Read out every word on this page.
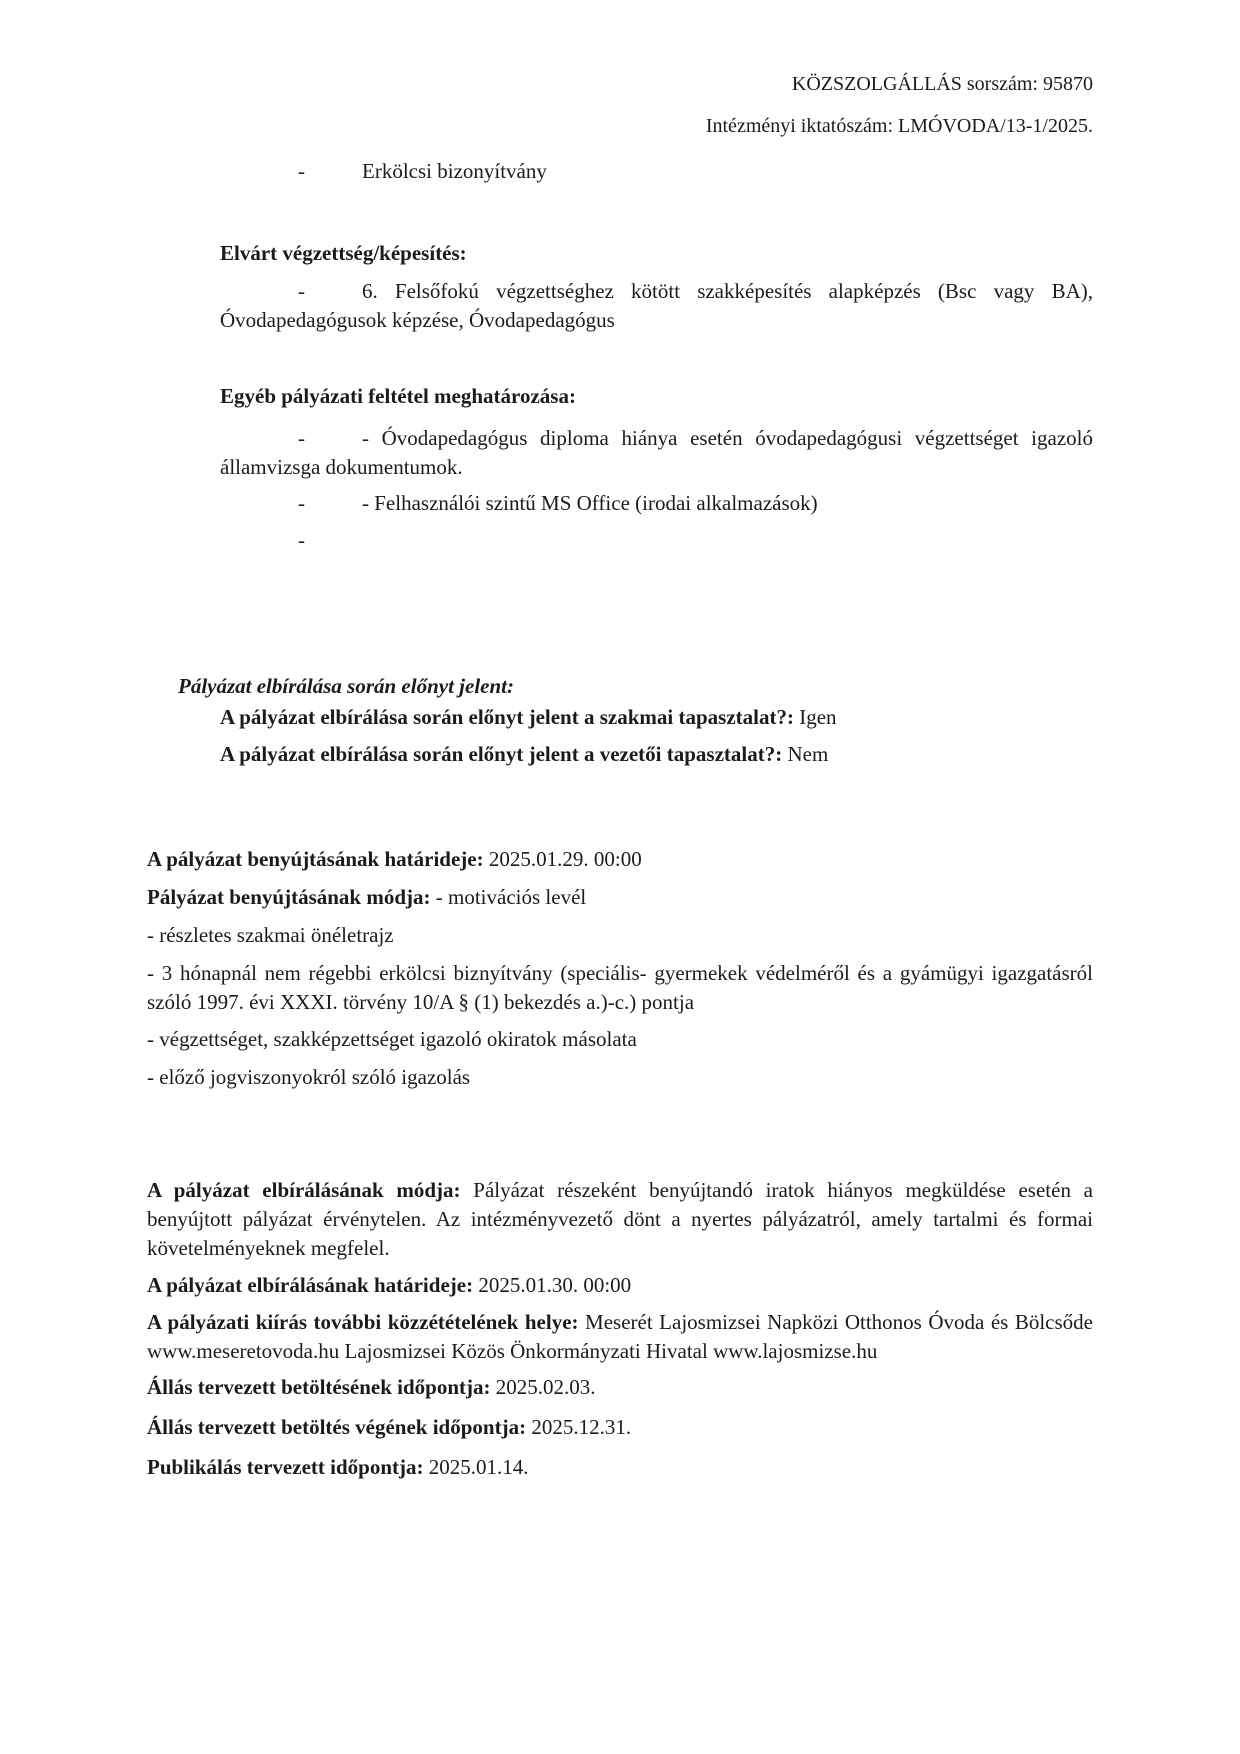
KÖZSZOLGÁLLÁS sorszám: 95870

Intézményi iktatószám: LMÓVODA/13-1/2025.

-	Erkölcsi bizonyítvány

Elvárt végzettség/képesítés:

-	6. Felsőfokú végzettséghez kötött szakképesítés alapképzés (Bsc vagy BA), Óvodapedagógusok képzése, Óvodapedagógus

Egyéb pályázati feltétel meghatározása:

-	- Óvodapedagógus diploma hiánya esetén óvodapedagógusi végzettséget igazoló államvizsga dokumentumok.
-	- Felhasználói szintű MS Office (irodai alkalmazások)
-

Pályázat elbírálása során előnyt jelent:

A pályázat elbírálása során előnyt jelent a szakmai tapasztalat?: Igen

A pályázat elbírálása során előnyt jelent a vezetői tapasztalat?: Nem

A pályázat benyújtásának határideje: 2025.01.29. 00:00

Pályázat benyújtásának módja: - motivációs levél

- részletes szakmai önéletrajz

- 3 hónapnál nem régebbi erkölcsi biznyítvány (speciális- gyermekek védelméről és a gyámügyi igazgatásról szóló 1997. évi XXXI. törvény 10/A § (1) bekezdés a.)-c.) pontja

- végzettséget, szakképzettséget igazoló okiratok másolata

- előző jogviszonyokról szóló igazolás

A pályázat elbírálásának módja: Pályázat részeként benyújtandó iratok hiányos megküldése esetén a benyújtott pályázat érvénytelen. Az intézményvezető dönt a nyertes pályázatról, amely tartalmi és formai követelményeknek megfelel.

A pályázat elbírálásának határideje: 2025.01.30. 00:00

A pályázati kiírás további közzétételének helye: Meserét Lajosmizsei Napközi Otthonos Óvoda és Bölcsőde www.meseretovoda.hu Lajosmizsei Közös Önkormányzati Hivatal www.lajosmizse.hu

Állás tervezett betöltésének időpontja: 2025.02.03.

Állás tervezett betöltés végének időpontja: 2025.12.31.

Publikálás tervezett időpontja: 2025.01.14.
